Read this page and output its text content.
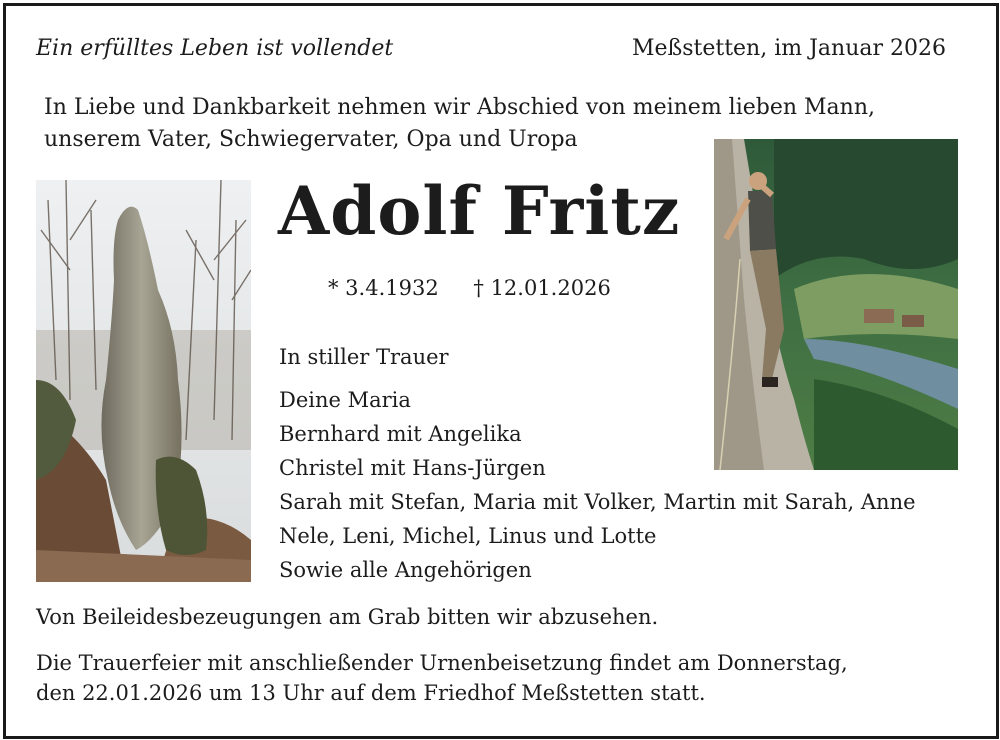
Ein erfülltes Leben ist vollendet	Meßstetten, im Januar 2026
In Liebe und Dankbarkeit nehmen wir Abschied von meinem lieben Mann,
unserem Vater, Schwiegervater, Opa und Uropa
Adolf Fritz
* 3.4.1932 † 12.01.2026
In stiller Trauer
Deine Maria
Bernhard mit Angelika
Christel mit Hans-Jürgen
Sarah mit Stefan, Maria mit Volker, Martin mit Sarah, Anne
Nele, Leni, Michel, Linus und Lotte
Sowie alle Angehörigen
Von Beileidesbezeugungen am Grab bitten wir abzusehen.
Die Trauerfeier mit anschließender Urnenbeisetzung findet am Donnerstag,
den 22.01.2026 um 13 Uhr auf dem Friedhof Meßstetten statt.
